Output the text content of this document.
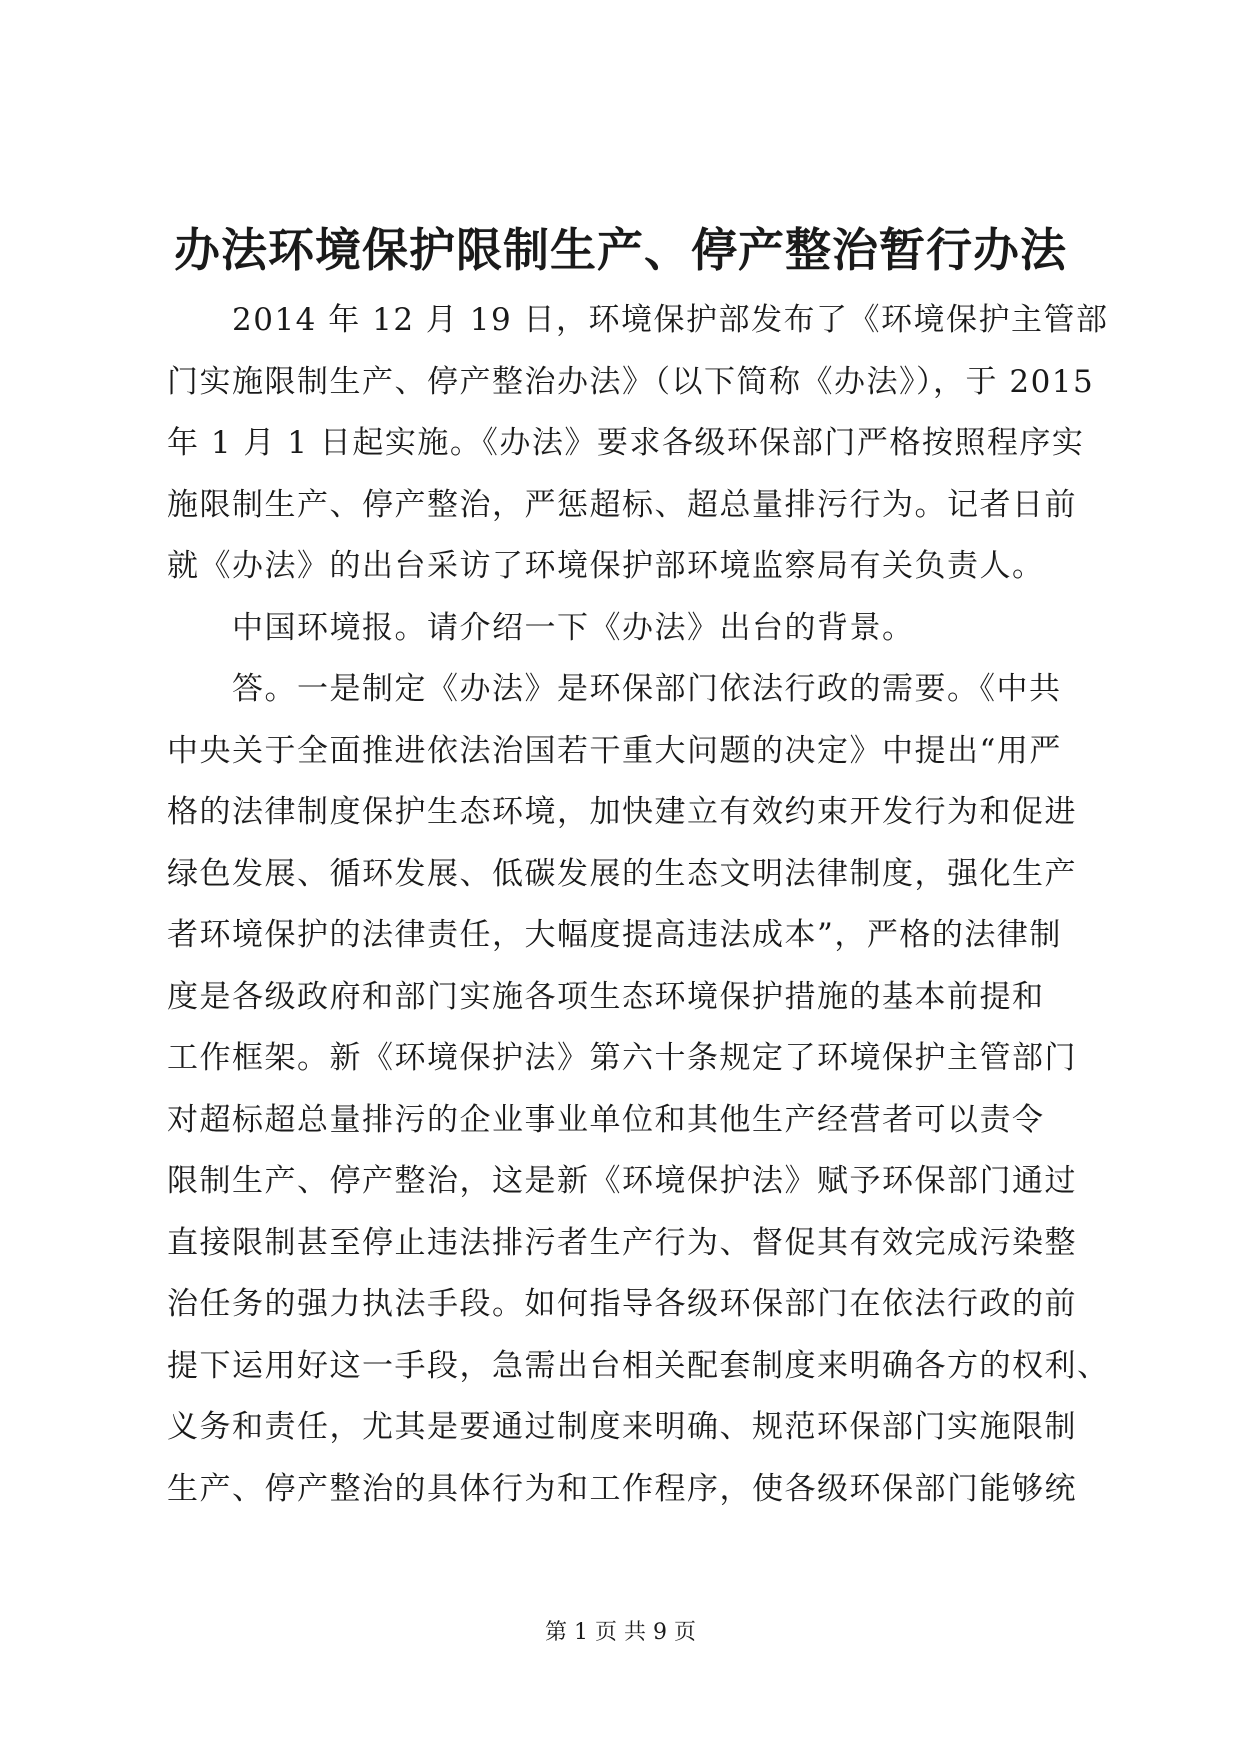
办法环境保护限制生产、停产整治暂行办法
　　2014 年 12 月 19 日，环境保护部发布了《环境保护主管部
门实施限制生产、停产整治办法》（以下简称《办法》），于 2015
年 1 月 1 日起实施。《办法》要求各级环保部门严格按照程序实
施限制生产、停产整治，严惩超标、超总量排污行为。记者日前
就《办法》的出台采访了环境保护部环境监察局有关负责人。
　　中国环境报。请介绍一下《办法》出台的背景。
　　答。一是制定《办法》是环保部门依法行政的需要。《中共
中央关于全面推进依法治国若干重大问题的决定》中提出“用严
格的法律制度保护生态环境，加快建立有效约束开发行为和促进
绿色发展、循环发展、低碳发展的生态文明法律制度，强化生产
者环境保护的法律责任，大幅度提高违法成本”，严格的法律制
度是各级政府和部门实施各项生态环境保护措施的基本前提和
工作框架。新《环境保护法》第六十条规定了环境保护主管部门
对超标超总量排污的企业事业单位和其他生产经营者可以责令
限制生产、停产整治，这是新《环境保护法》赋予环保部门通过
直接限制甚至停止违法排污者生产行为、督促其有效完成污染整
治任务的强力执法手段。如何指导各级环保部门在依法行政的前
提下运用好这一手段，急需出台相关配套制度来明确各方的权利、
义务和责任，尤其是要通过制度来明确、规范环保部门实施限制
生产、停产整治的具体行为和工作程序，使各级环保部门能够统
第 1 页 共 9 页
